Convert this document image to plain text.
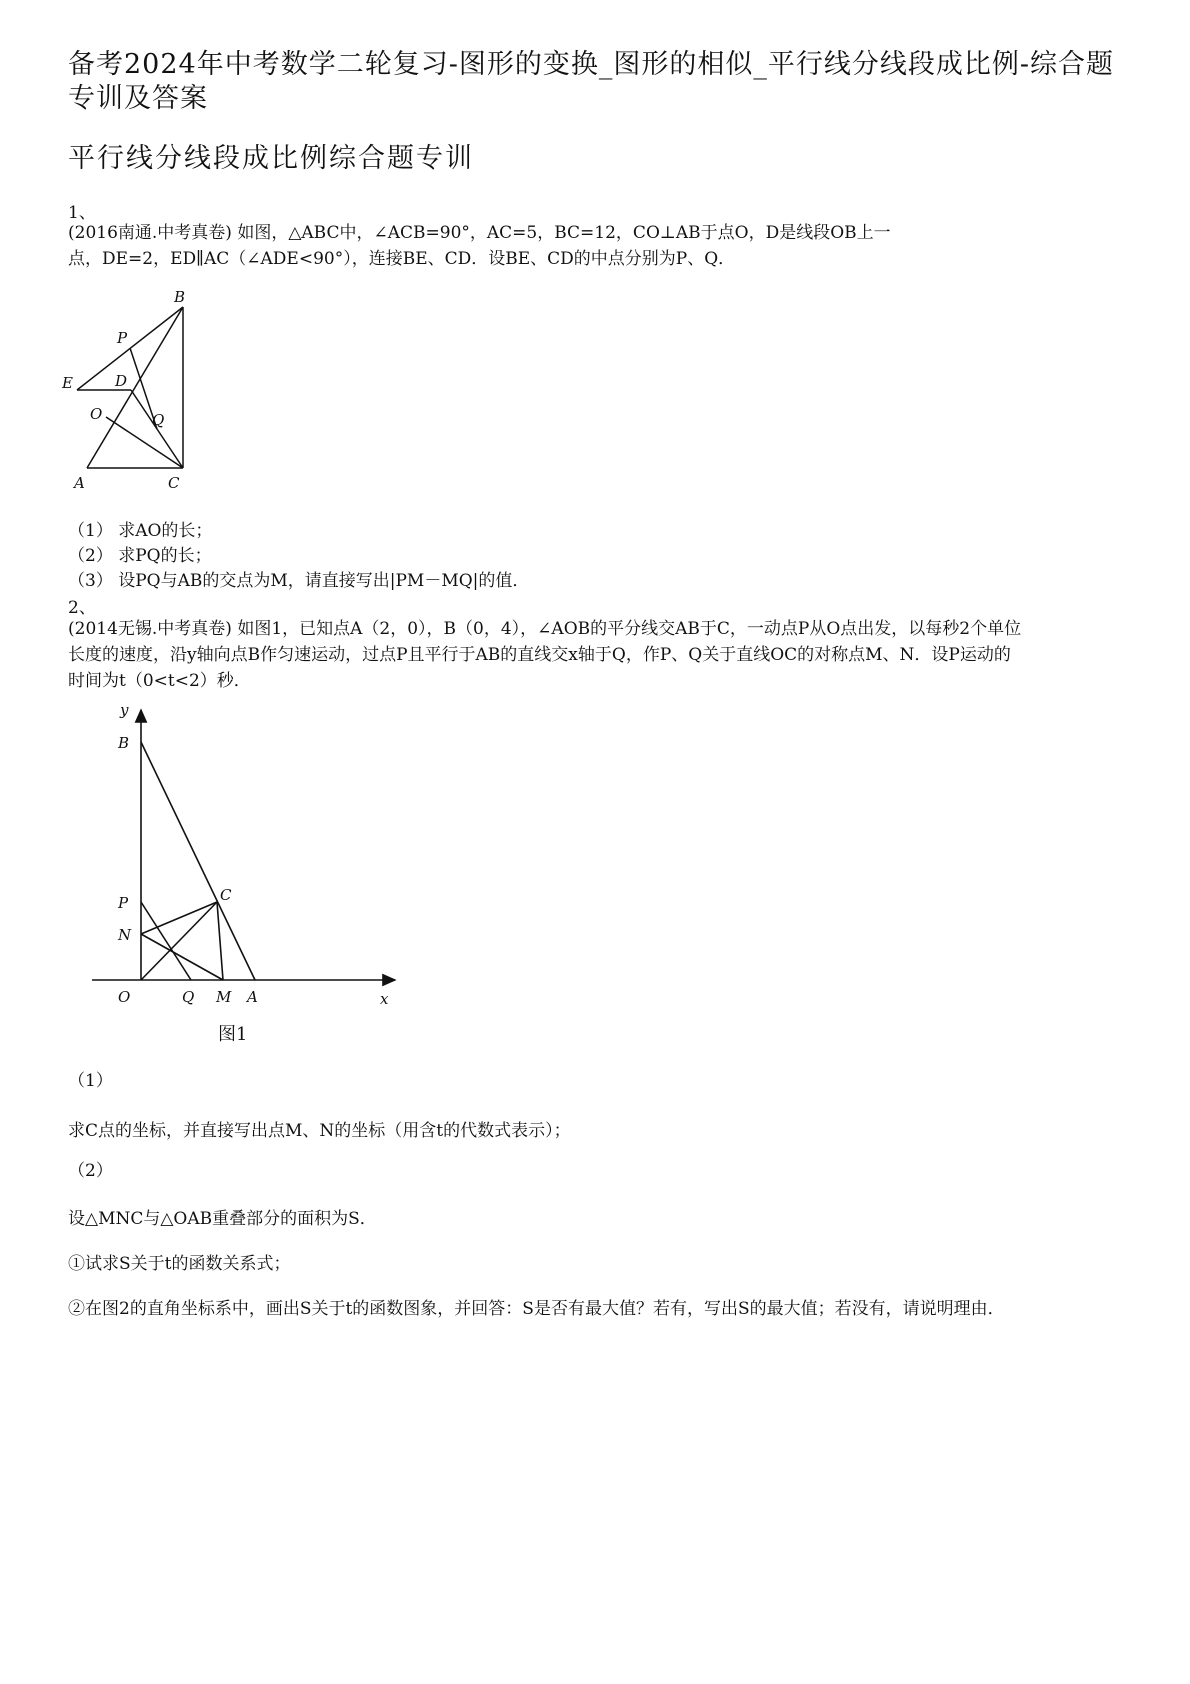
备考2024年中考数学二轮复习-图形的变换_图形的相似_平行线分线段成比例-综合题专训及答案
平行线分线段成比例综合题专训
1、
(2016南通.中考真卷) 如图，△ABC中，∠ACB=90°，AC=5，BC=12，CO⊥AB于点O，D是线段OB上一
点，DE=2，ED∥AC（∠ADE<90°），连接BE、CD．设BE、CD的中点分别为P、Q．
B
P
E	D
O	Q
A	C
（1） 求AO的长；
（2） 求PQ的长；
（3） 设PQ与AB的交点为M，请直接写出|PM－MQ|的值．
2、
(2014无锡.中考真卷) 如图1，已知点A（2，0），B（0，4），∠AOB的平分线交AB于C，一动点P从O点出发，以每秒2个单位
长度的速度，沿y轴向点B作匀速运动，过点P且平行于AB的直线交x轴于Q，作P、Q关于直线OC的对称点M、N．设P运动的
时间为t（0<t<2）秒．
y
B
P	C
N
O	Q M A	x
图1
（1）
求C点的坐标，并直接写出点M、N的坐标（用含t的代数式表示）；
（2）
设△MNC与△OAB重叠部分的面积为S．
①试求S关于t的函数关系式；
②在图2的直角坐标系中，画出S关于t的函数图象，并回答：S是否有最大值？若有，写出S的最大值；若没有，请说明理由．
